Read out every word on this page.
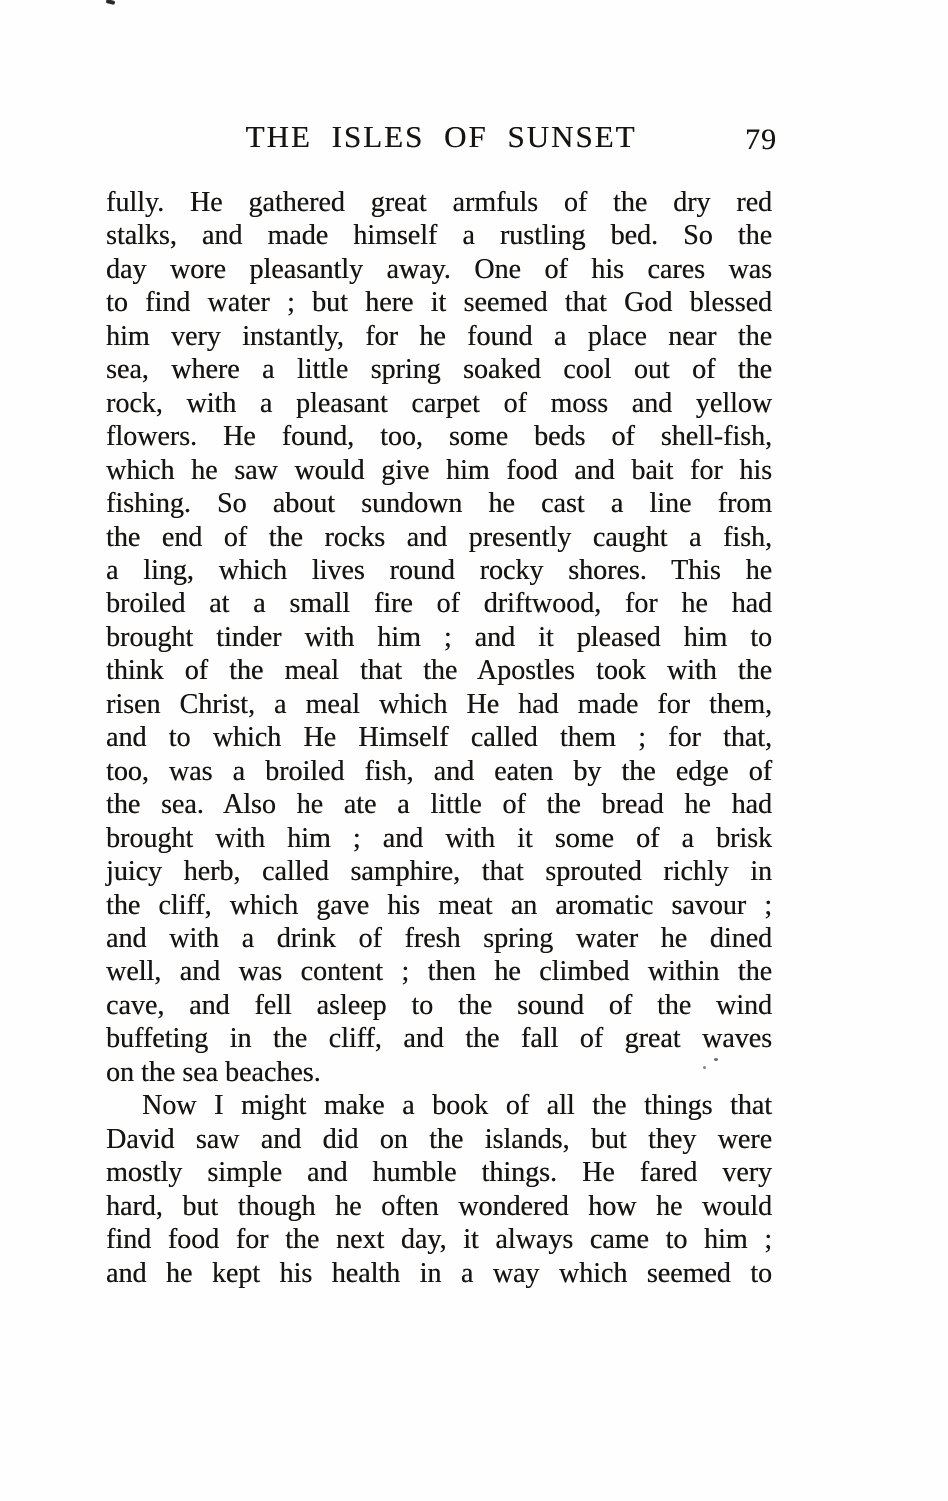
THE ISLES OF SUNSET	79
fully. He gathered great armfuls of the dry red
stalks, and made himself a rustling bed. So the
day wore pleasantly away. One of his cares was
to find water ; but here it seemed that God blessed
him very instantly, for he found a place near the
sea, where a little spring soaked cool out of the
rock, with a pleasant carpet of moss and yellow
flowers. He found, too, some beds of shell-fish,
which he saw would give him food and bait for his
fishing. So about sundown he cast a line from
the end of the rocks and presently caught a fish,
a ling, which lives round rocky shores. This he
broiled at a small fire of driftwood, for he had
brought tinder with him ; and it pleased him to
think of the meal that the Apostles took with the
risen Christ, a meal which He had made for them,
and to which He Himself called them ; for that,
too, was a broiled fish, and eaten by the edge of
the sea. Also he ate a little of the bread he had
brought with him ; and with it some of a brisk
juicy herb, called samphire, that sprouted richly in
the cliff, which gave his meat an aromatic savour ;
and with a drink of fresh spring water he dined
well, and was content ; then he climbed within the
cave, and fell asleep to the sound of the wind
buffeting in the cliff, and the fall of great waves
on the sea beaches.
Now I might make a book of all the things that
David saw and did on the islands, but they were
mostly simple and humble things. He fared very
hard, but though he often wondered how he would
find food for the next day, it always came to him ;
and he kept his health in a way which seemed to
